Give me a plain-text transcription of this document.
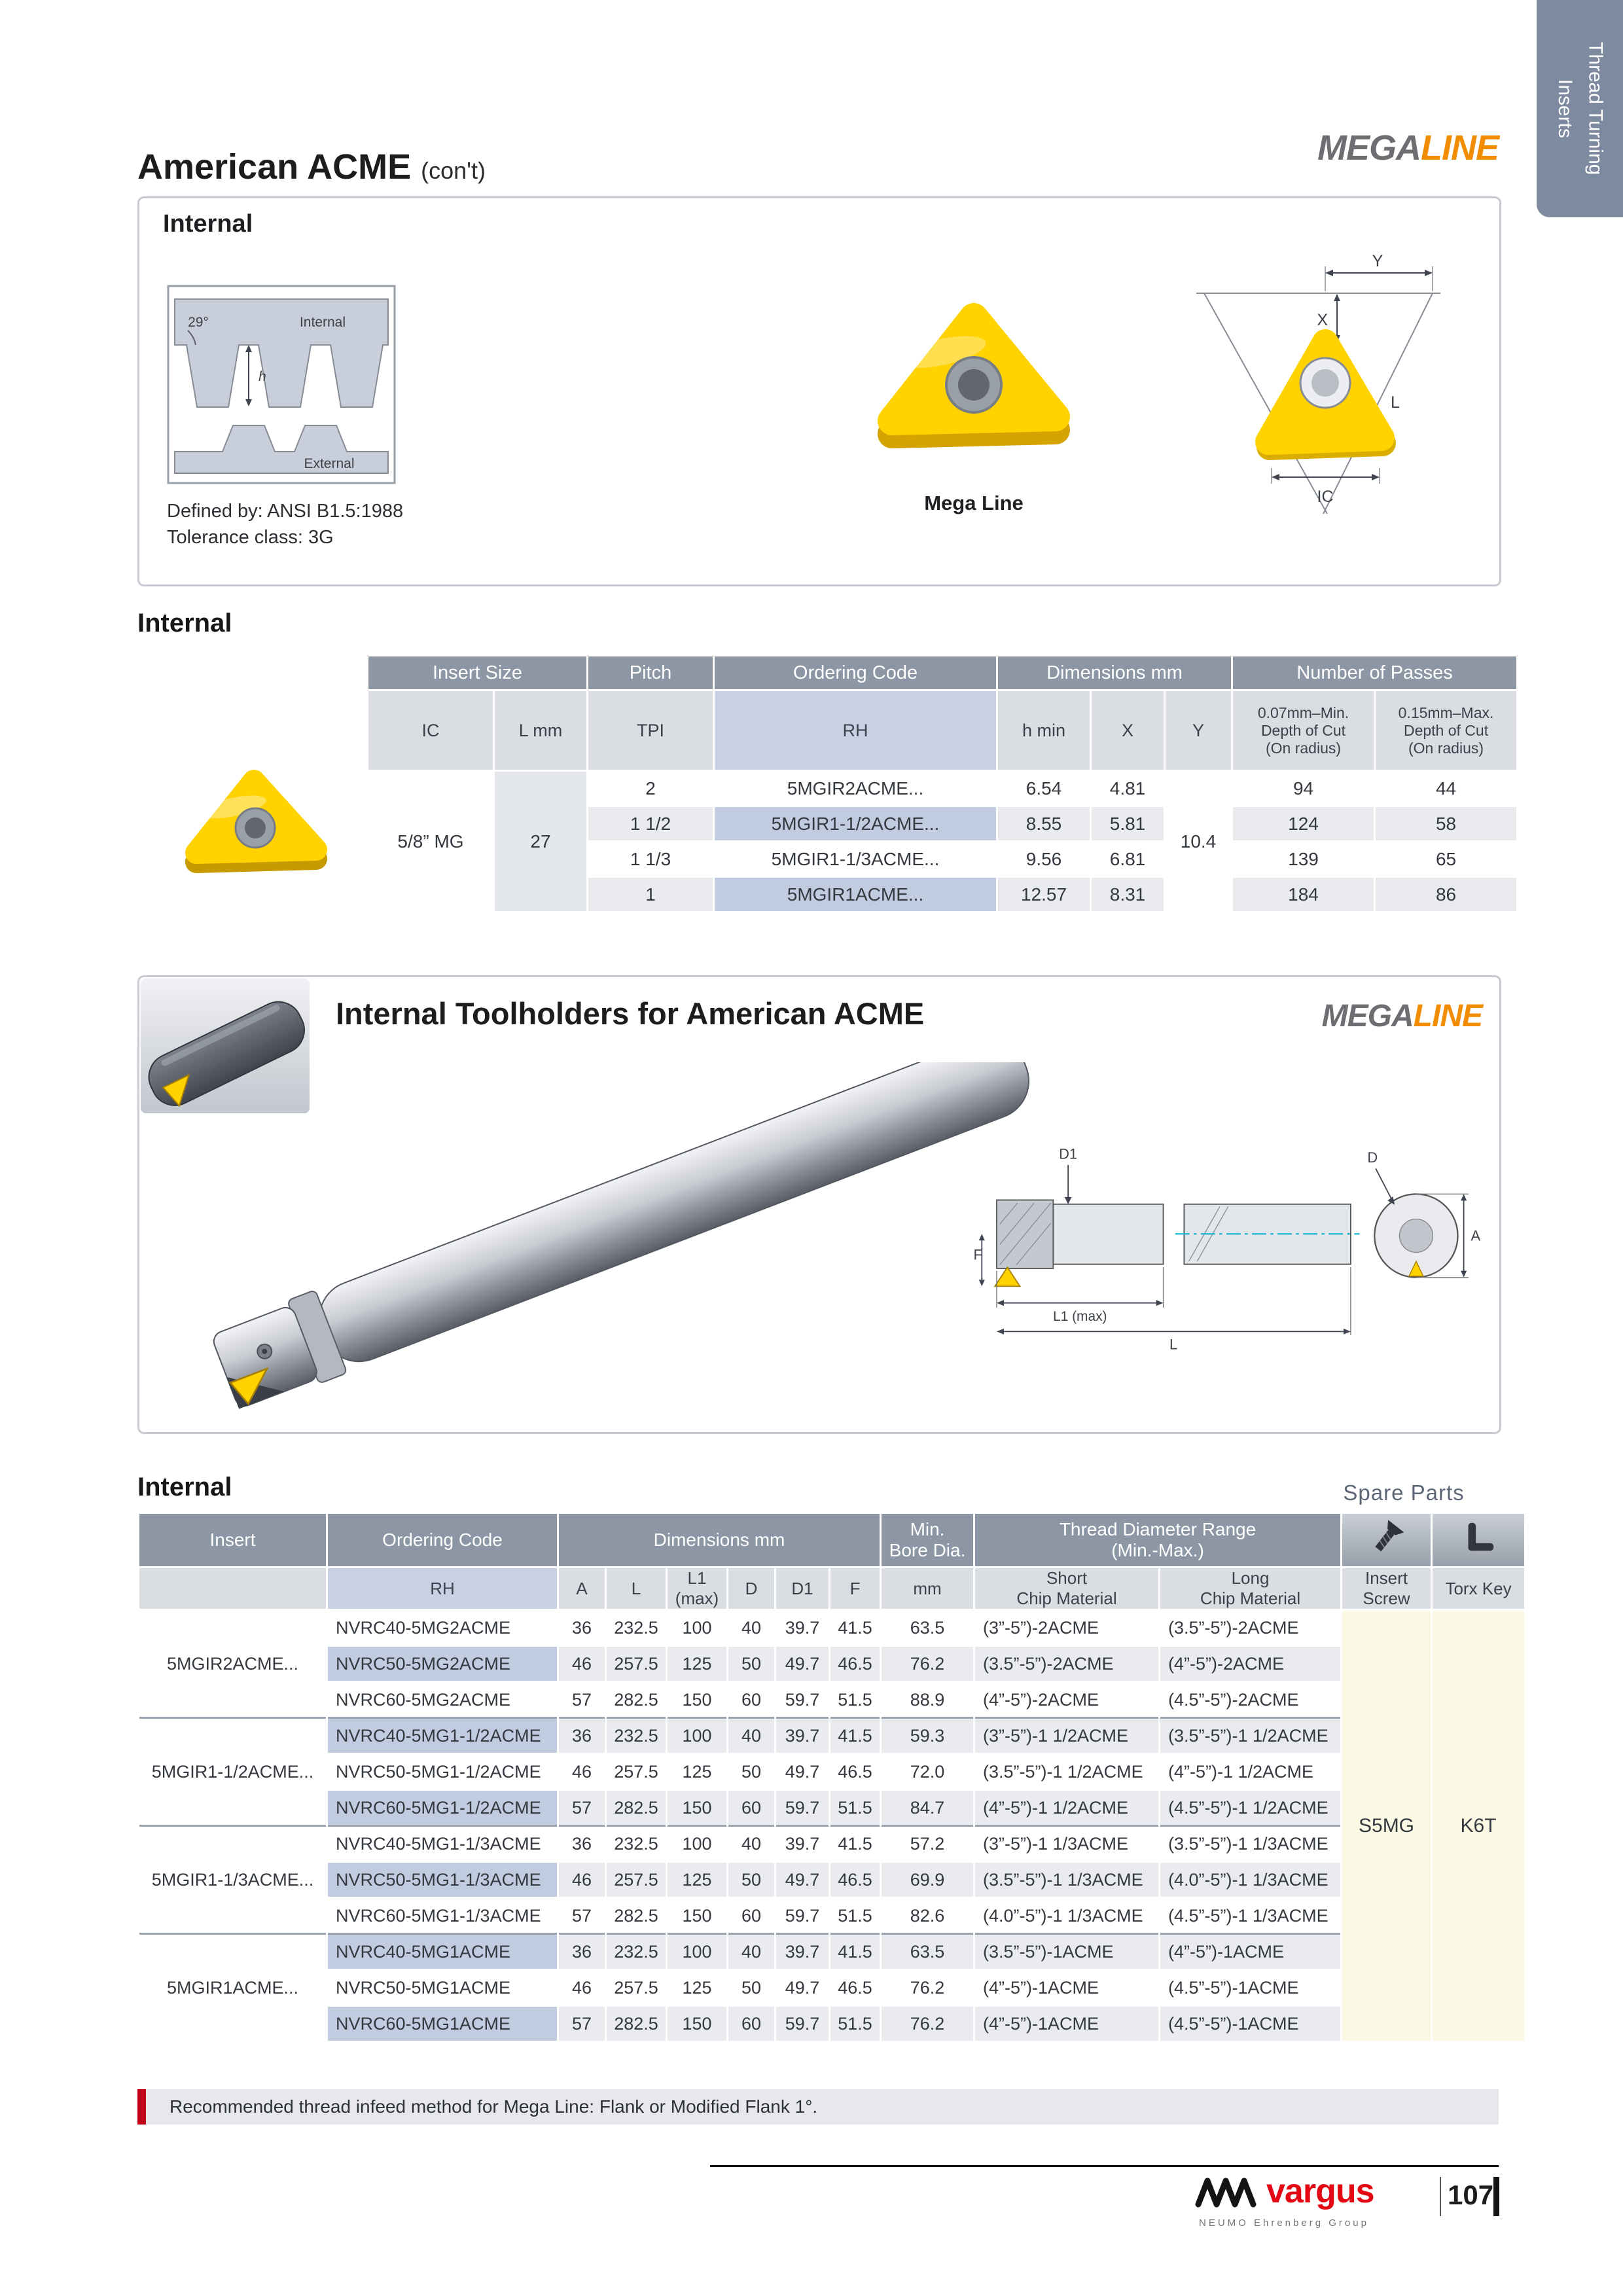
Thread Turning
Inserts
American ACME (con't)
MEGALINE
Internal
29°	Internal
h
External
Defined by: ANSI B1.5:1988
Tolerance class: 3G
Mega Line
Y
X
L
IC
Internal
Insert Size		Pitch	Ordering Code	Dimensions mm			Number of Passes	
IC	L mm	TPI	RH	h min	X	Y	0.07mm–Min.
Depth of Cut
(On radius)	0.15mm–Max.
Depth of Cut
(On radius)

5/8” MG	27	2	5MGIR2ACME...	6.54	4.81	10.4	94	44
		1 1/2	5MGIR1-1/2ACME...	8.55	5.81		124	58
		1 1/3	5MGIR1-1/3ACME...	9.56	6.81		139	65
		1	5MGIR1ACME...	12.57	8.31		184	86
Internal Toolholders for American ACME	MEGALINE
D1
F
L1 (max)
L
D
A
Internal	Spare Parts
Insert	Ordering Code	Dimensions mm						Min.
Bore Dia.	Thread Diameter Range
(Min.-Max.)

	RH	A	L	L1
(max)	D	D1	F	mm	Short
Chip Material	Long
Chip Material	Insert
Screw	Torx Key
5MGIR2ACME...	NVRC40-5MG2ACME	36	232.5	100	40	39.7	41.5	63.5	(3”-5”)-2ACME	(3.5”-5”)-2ACME	S5MG	K6T
	NVRC50-5MG2ACME	46	257.5	125	50	49.7	46.5	76.2	(3.5”-5”)-2ACME	(4”-5”)-2ACME		
	NVRC60-5MG2ACME	57	282.5	150	60	59.7	51.5	88.9	(4”-5”)-2ACME	(4.5”-5”)-2ACME		
5MGIR1-1/2ACME...	NVRC40-5MG1-1/2ACME	36	232.5	100	40	39.7	41.5	59.3	(3”-5”)-1 1/2ACME	(3.5”-5”)-1 1/2ACME		
	NVRC50-5MG1-1/2ACME	46	257.5	125	50	49.7	46.5	72.0	(3.5”-5”)-1 1/2ACME	(4”-5”)-1 1/2ACME		
	NVRC60-5MG1-1/2ACME	57	282.5	150	60	59.7	51.5	84.7	(4”-5”)-1 1/2ACME	(4.5”-5”)-1 1/2ACME		
5MGIR1-1/3ACME...	NVRC40-5MG1-1/3ACME	36	232.5	100	40	39.7	41.5	57.2	(3”-5”)-1 1/3ACME	(3.5”-5”)-1 1/3ACME		
	NVRC50-5MG1-1/3ACME	46	257.5	125	50	49.7	46.5	69.9	(3.5”-5”)-1 1/3ACME	(4.0”-5”)-1 1/3ACME		
	NVRC60-5MG1-1/3ACME	57	282.5	150	60	59.7	51.5	82.6	(4.0”-5”)-1 1/3ACME	(4.5”-5”)-1 1/3ACME		
5MGIR1ACME...	NVRC40-5MG1ACME	36	232.5	100	40	39.7	41.5	63.5	(3.5”-5”)-1ACME	(4”-5”)-1ACME		
	NVRC50-5MG1ACME	46	257.5	125	50	49.7	46.5	76.2	(4”-5”)-1ACME	(4.5”-5”)-1ACME		
	NVRC60-5MG1ACME	57	282.5	150	60	59.7	51.5	76.2	(4”-5”)-1ACME	(4.5”-5”)-1ACME		
Recommended thread infeed method for Mega Line: Flank or Modified Flank 1°.
vargus
NEUMO Ehrenberg Group
107
